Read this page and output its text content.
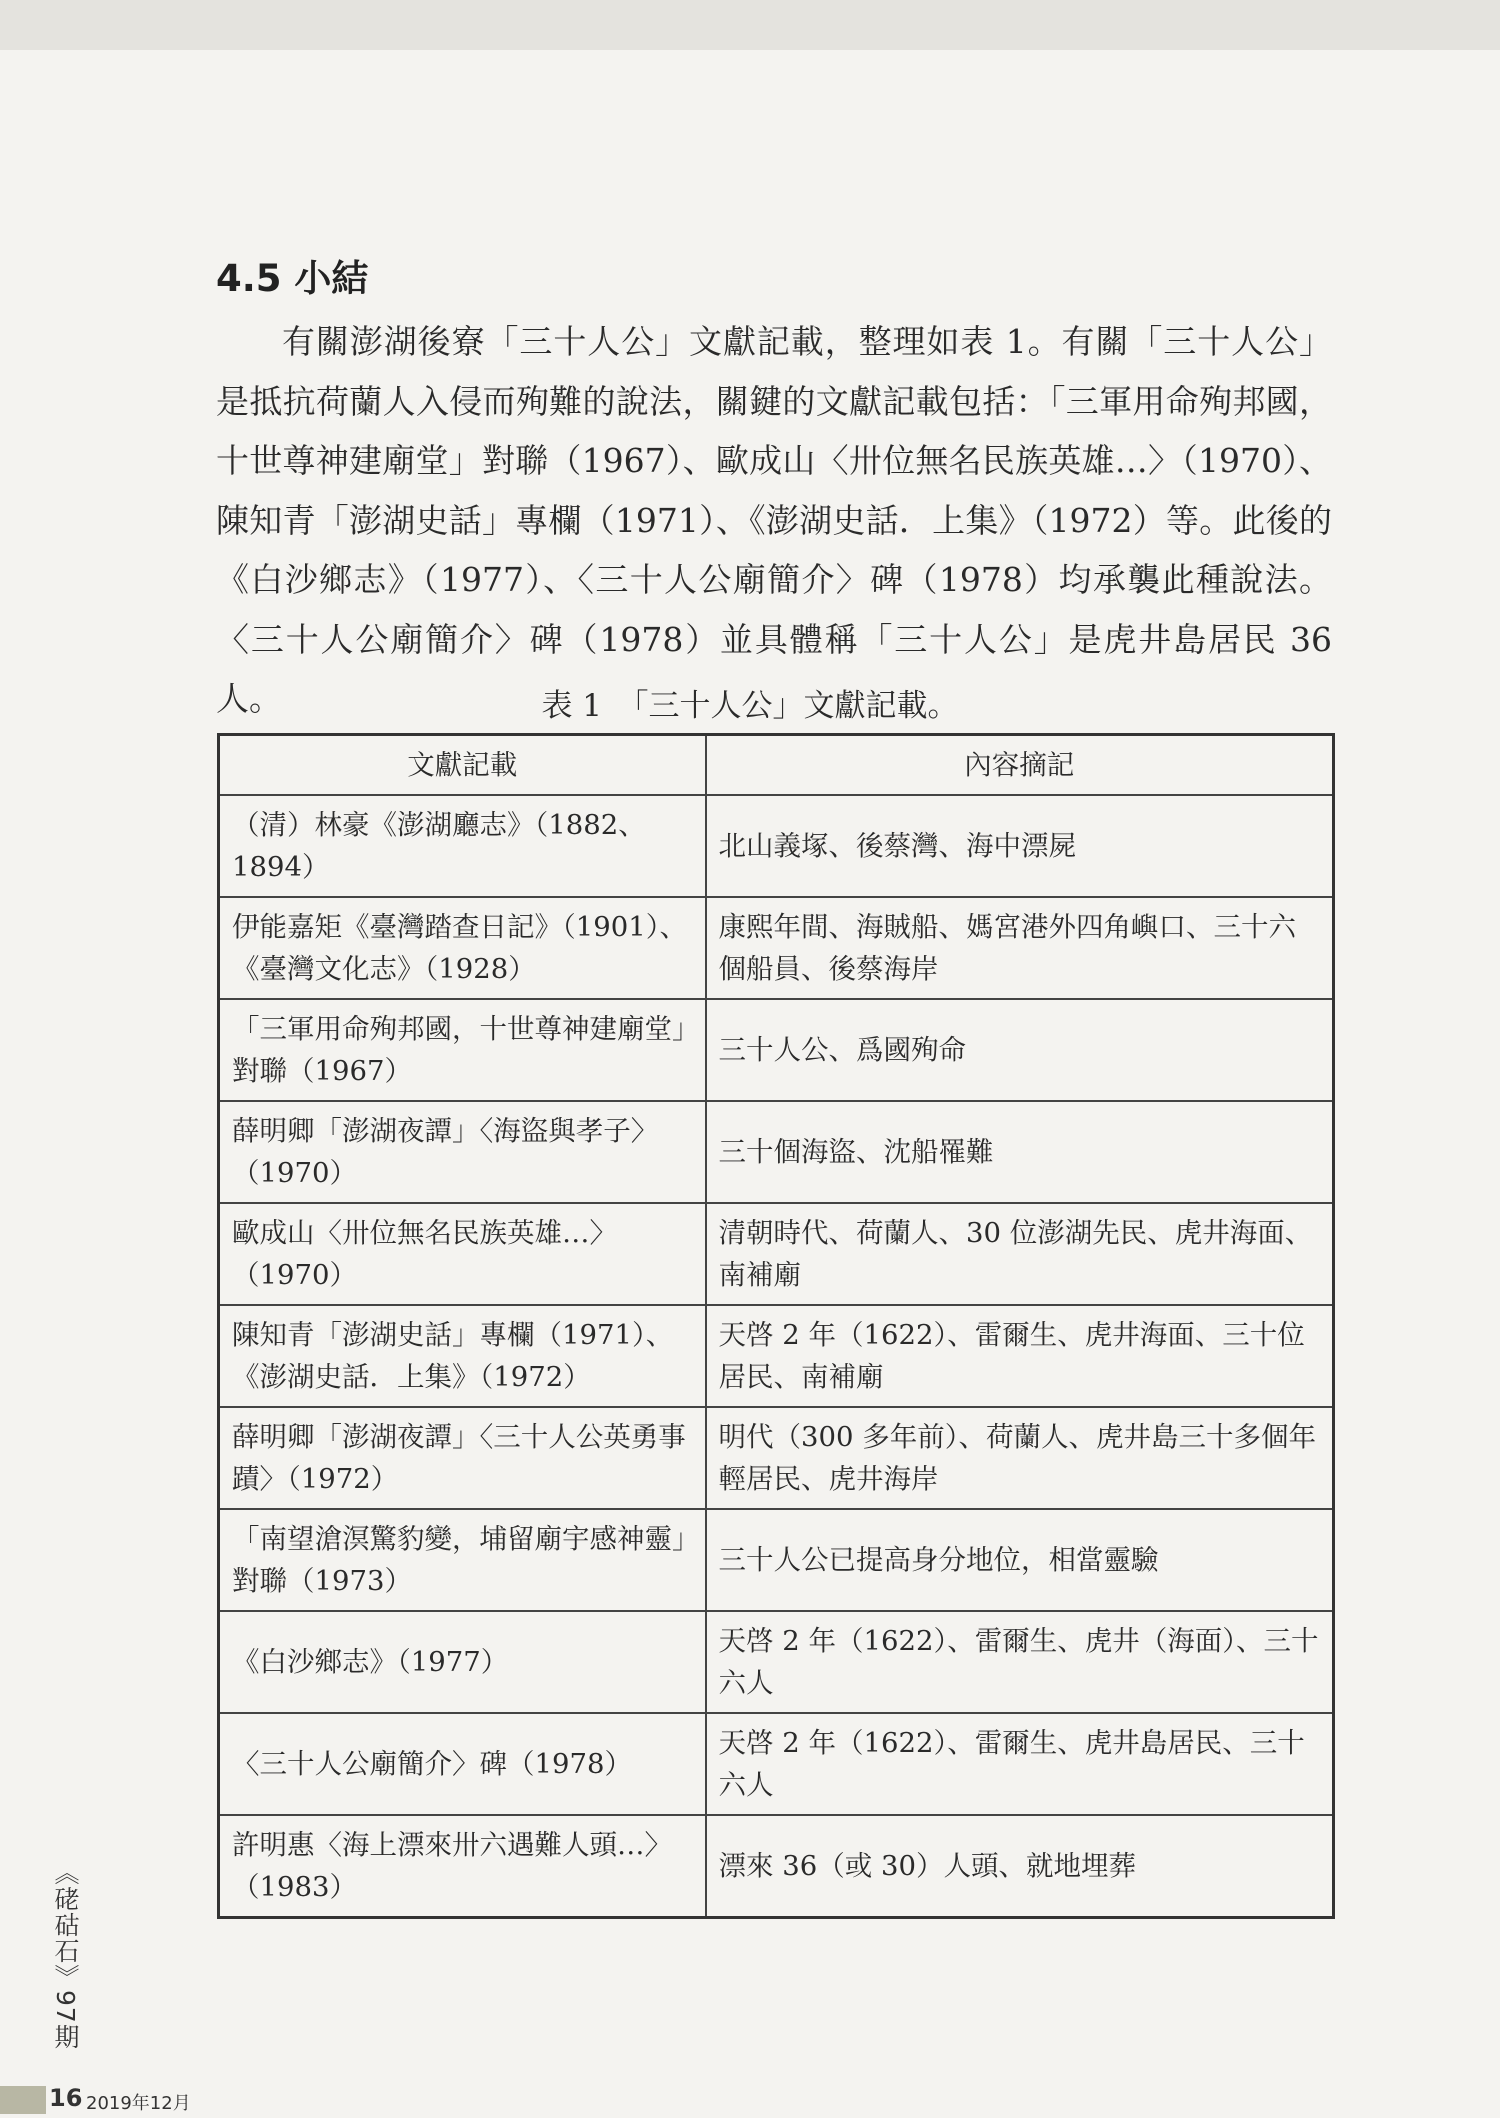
4.5 小結

有關澎湖後寮「三十人公」文獻記載，整理如表 1。有關「三十人公」是抵抗荷蘭人入侵而殉難的說法，關鍵的文獻記載包括：「三軍用命殉邦國，十世尊神建廟堂」對聯（1967）、歐成山〈卅位無名民族英雄…〉（1970）、陳知青「澎湖史話」專欄（1971）、《澎湖史話．上集》（1972）等。此後的《白沙鄉志》（1977）、〈三十人公廟簡介〉碑（1978）均承襲此種說法。〈三十人公廟簡介〉碑（1978）並具體稱「三十人公」是虎井島居民 36 人。	表 1　「三十人公」文獻記載。
文獻記載	內容摘記
（清）林豪《澎湖廳志》（1882、1894）	北山義塚、後蔡灣、海中漂屍
伊能嘉矩《臺灣踏查日記》（1901）、《臺灣文化志》（1928）	康熙年間、海賊船、媽宮港外四角嶼口、三十六個船員、後蔡海岸
「三軍用命殉邦國，十世尊神建廟堂」對聯（1967）	三十人公、爲國殉命
薛明卿「澎湖夜譚」〈海盜與孝子〉（1970）	三十個海盜、沈船罹難
歐成山〈卅位無名民族英雄…〉（1970）	清朝時代、荷蘭人、30 位澎湖先民、虎井海面、南補廟
陳知青「澎湖史話」專欄（1971）、《澎湖史話．上集》（1972）	天啓 2 年（1622）、雷爾生、虎井海面、三十位居民、南補廟
薛明卿「澎湖夜譚」〈三十人公英勇事蹟〉（1972）	明代（300 多年前）、荷蘭人、虎井島三十多個年輕居民、虎井海岸
「南望滄溟驚豹變，埔留廟宇感神靈」對聯（1973）	三十人公已提高身分地位，相當靈驗
《白沙鄉志》（1977）	天啓 2 年（1622）、雷爾生、虎井（海面）、三十六人
〈三十人公廟簡介〉碑（1978）	天啓 2 年（1622）、雷爾生、虎井島居民、三十六人
許明惠〈海上漂來卅六遇難人頭…〉（1983）	漂來 36（或 30）人頭、就地埋葬
《硓𥑮石》97期
16 2019年12月
